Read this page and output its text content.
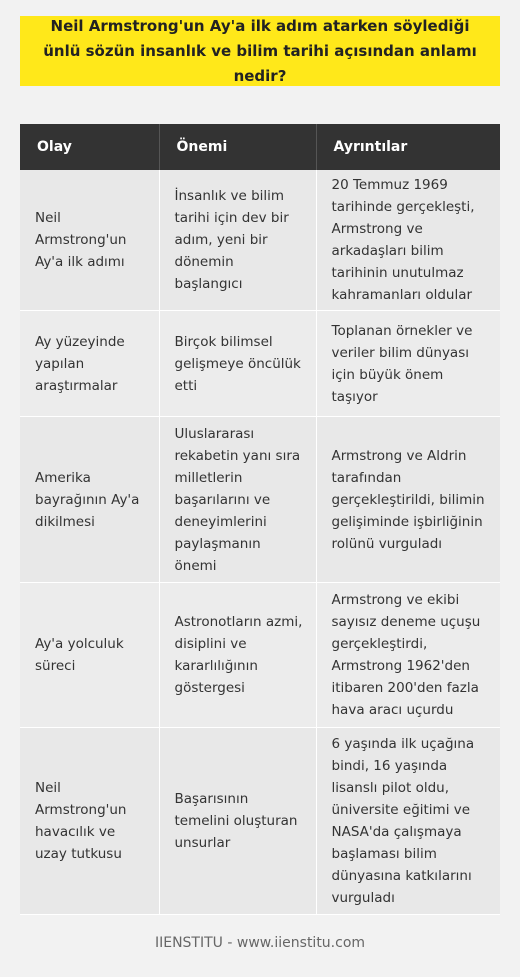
Neil Armstrong'un Ay'a ilk adım atarken söylediği ünlü sözün insanlık ve bilim tarihi açısından anlamı nedir?
Olay	Önemi	Ayrıntılar
Neil Armstrong'un Ay'a ilk adımı	İnsanlık ve bilim tarihi için dev bir adım, yeni bir dönemin başlangıcı	20 Temmuz 1969 tarihinde gerçekleşti, Armstrong ve arkadaşları bilim tarihinin unutulmaz kahramanları oldular
Ay yüzeyinde yapılan araştırmalar	Birçok bilimsel gelişmeye öncülük etti	Toplanan örnekler ve veriler bilim dünyası için büyük önem taşıyor
Amerika bayrağının Ay'a dikilmesi	Uluslararası rekabetin yanı sıra milletlerin başarılarını ve deneyimlerini paylaşmanın önemi	Armstrong ve Aldrin tarafından gerçekleştirildi, bilimin gelişiminde işbirliğinin rolünü vurguladı
Ay'a yolculuk süreci	Astronotların azmi, disiplini ve kararlılığının göstergesi	Armstrong ve ekibi sayısız deneme uçuşu gerçekleştirdi, Armstrong 1962'den itibaren 200'den fazla hava aracı uçurdu
Neil Armstrong'un havacılık ve uzay tutkusu	Başarısının temelini oluşturan unsurlar	6 yaşında ilk uçağına bindi, 16 yaşında lisanslı pilot oldu, üniversite eğitimi ve NASA'da çalışmaya başlaması bilim dünyasına katkılarını vurguladı
IIENSTITU - www.iienstitu.com
